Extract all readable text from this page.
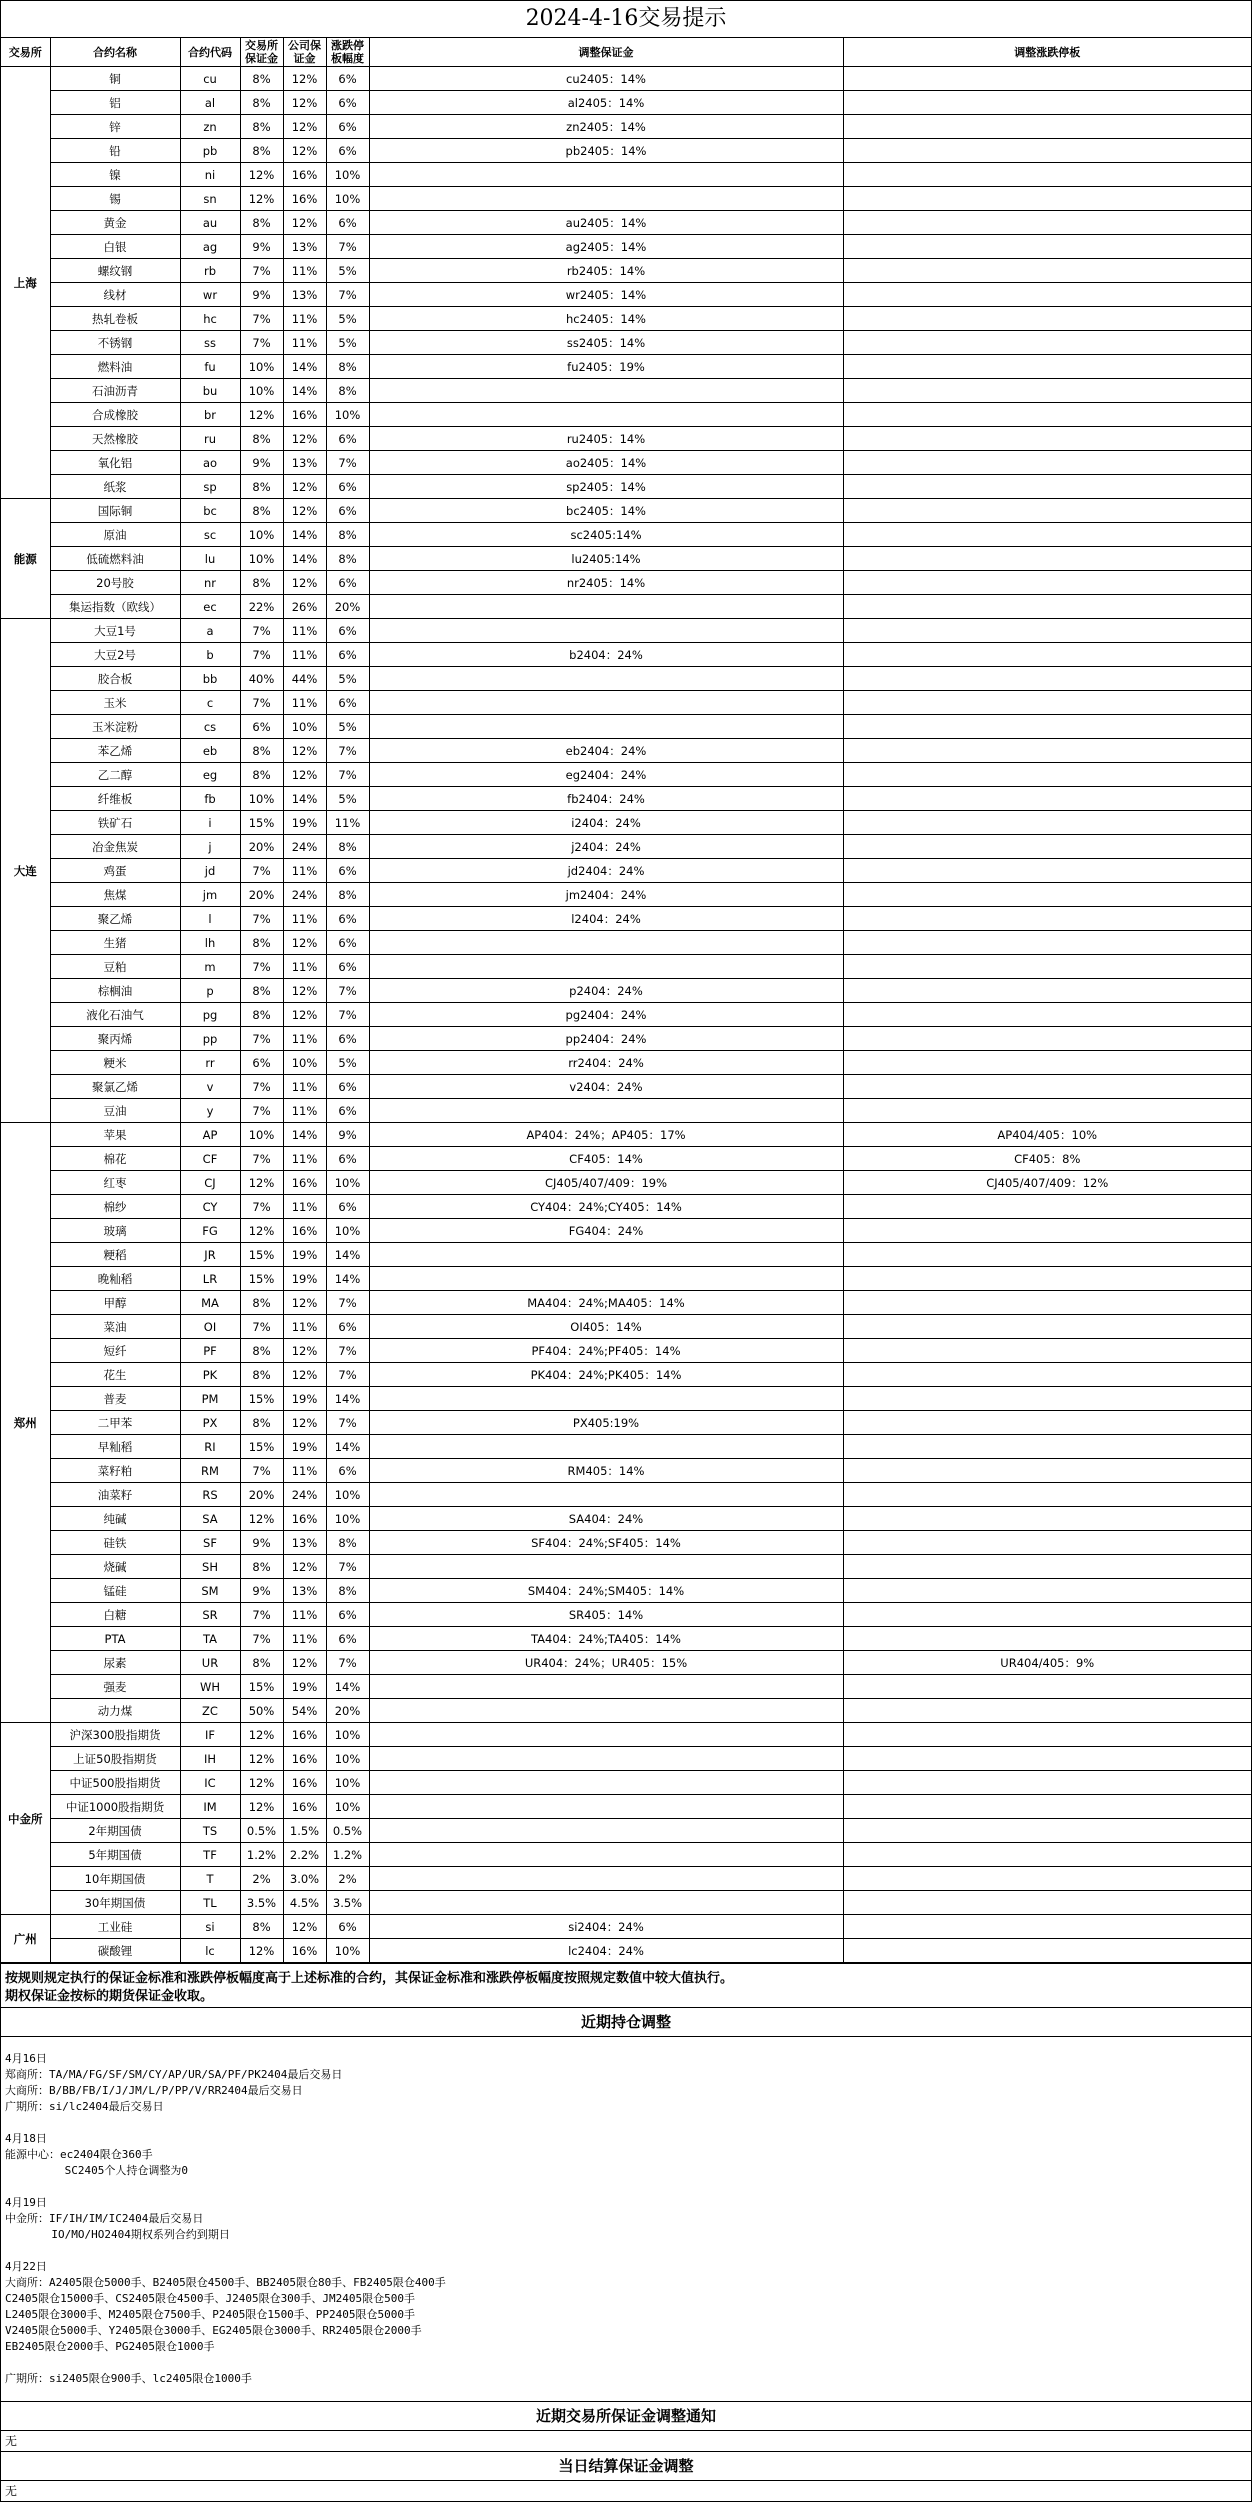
2024-4-16交易提示
交易所	合约名称	合约代码	交易所保证金	公司保证金	涨跌停板幅度	调整保证金	调整涨跌停板
上海	铜	cu	8%	12%	6%	cu2405：14%	
	铝	al	8%	12%	6%	al2405：14%	
	锌	zn	8%	12%	6%	zn2405：14%	
	铅	pb	8%	12%	6%	pb2405：14%	
	镍	ni	12%	16%	10%		
	锡	sn	12%	16%	10%		
	黄金	au	8%	12%	6%	au2405：14%	
	白银	ag	9%	13%	7%	ag2405：14%	
	螺纹钢	rb	7%	11%	5%	rb2405：14%	
	线材	wr	9%	13%	7%	wr2405：14%	
	热轧卷板	hc	7%	11%	5%	hc2405：14%	
	不锈钢	ss	7%	11%	5%	ss2405：14%	
	燃料油	fu	10%	14%	8%	fu2405：19%	
	石油沥青	bu	10%	14%	8%		
	合成橡胶	br	12%	16%	10%		
	天然橡胶	ru	8%	12%	6%	ru2405：14%	
	氧化铝	ao	9%	13%	7%	ao2405：14%	
	纸浆	sp	8%	12%	6%	sp2405：14%	
能源	国际铜	bc	8%	12%	6%	bc2405：14%	
	原油	sc	10%	14%	8%	sc2405:14%	
	低硫燃料油	lu	10%	14%	8%	lu2405:14%	
	20号胶	nr	8%	12%	6%	nr2405：14%	
	集运指数（欧线）	ec	22%	26%	20%		
大连	大豆1号	a	7%	11%	6%		
	大豆2号	b	7%	11%	6%	b2404：24%	
	胶合板	bb	40%	44%	5%		
	玉米	c	7%	11%	6%		
	玉米淀粉	cs	6%	10%	5%		
	苯乙烯	eb	8%	12%	7%	eb2404：24%	
	乙二醇	eg	8%	12%	7%	eg2404：24%	
	纤维板	fb	10%	14%	5%	fb2404：24%	
	铁矿石	i	15%	19%	11%	i2404：24%	
	冶金焦炭	j	20%	24%	8%	j2404：24%	
	鸡蛋	jd	7%	11%	6%	jd2404：24%	
	焦煤	jm	20%	24%	8%	jm2404：24%	
	聚乙烯	l	7%	11%	6%	l2404：24%	
	生猪	lh	8%	12%	6%		
	豆粕	m	7%	11%	6%		
	棕榈油	p	8%	12%	7%	p2404：24%	
	液化石油气	pg	8%	12%	7%	pg2404：24%	
	聚丙烯	pp	7%	11%	6%	pp2404：24%	
	粳米	rr	6%	10%	5%	rr2404：24%	
	聚氯乙烯	v	7%	11%	6%	v2404：24%	
	豆油	y	7%	11%	6%		
郑州	苹果	AP	10%	14%	9%	AP404：24%；AP405：17%	AP404/405：10%
	棉花	CF	7%	11%	6%	CF405：14%	CF405：8%
	红枣	CJ	12%	16%	10%	CJ405/407/409：19%	CJ405/407/409：12%
	棉纱	CY	7%	11%	6%	CY404：24%;CY405：14%	
	玻璃	FG	12%	16%	10%	FG404：24%	
	粳稻	JR	15%	19%	14%		
	晚籼稻	LR	15%	19%	14%		
	甲醇	MA	8%	12%	7%	MA404：24%;MA405：14%	
	菜油	OI	7%	11%	6%	OI405：14%	
	短纤	PF	8%	12%	7%	PF404：24%;PF405：14%	
	花生	PK	8%	12%	7%	PK404：24%;PK405：14%	
	普麦	PM	15%	19%	14%		
	二甲苯	PX	8%	12%	7%	PX405:19%	
	早籼稻	RI	15%	19%	14%		
	菜籽粕	RM	7%	11%	6%	RM405：14%	
	油菜籽	RS	20%	24%	10%		
	纯碱	SA	12%	16%	10%	SA404：24%	
	硅铁	SF	9%	13%	8%	SF404：24%;SF405：14%	
	烧碱	SH	8%	12%	7%		
	锰硅	SM	9%	13%	8%	SM404：24%;SM405：14%	
	白糖	SR	7%	11%	6%	SR405：14%	
	PTA	TA	7%	11%	6%	TA404：24%;TA405：14%	
	尿素	UR	8%	12%	7%	UR404：24%；UR405：15%	UR404/405：9%
	强麦	WH	15%	19%	14%		
	动力煤	ZC	50%	54%	20%		
中金所	沪深300股指期货	IF	12%	16%	10%		
	上证50股指期货	IH	12%	16%	10%		
	中证500股指期货	IC	12%	16%	10%		
	中证1000股指期货	IM	12%	16%	10%		
	2年期国债	TS	0.5%	1.5%	0.5%		
	5年期国债	TF	1.2%	2.2%	1.2%		
	10年期国债	T	2%	3.0%	2%		
	30年期国债	TL	3.5%	4.5%	3.5%		
广州	工业硅	si	8%	12%	6%	si2404：24%	
	碳酸锂	lc	12%	16%	10%	lc2404：24%	
按规则规定执行的保证金标准和涨跌停板幅度高于上述标准的合约，其保证金标准和涨跌停板幅度按照规定数值中较大值执行。
期权保证金按标的期货保证金收取。
近期持仓调整
4月16日
郑商所：TA/MA/FG/SF/SM/CY/AP/UR/SA/PF/PK2404最后交易日
大商所：B/BB/FB/I/J/JM/L/P/PP/V/RR2404最后交易日
广期所：si/lc2404最后交易日

4月18日
能源中心：ec2404限仓360手
SC2405个人持仓调整为0

4月19日
中金所：IF/IH/IM/IC2404最后交易日
IO/MO/HO2404期权系列合约到期日

4月22日
大商所：A2405限仓5000手、B2405限仓4500手、BB2405限仓80手、FB2405限仓400手
C2405限仓15000手、CS2405限仓4500手、J2405限仓300手、JM2405限仓500手
L2405限仓3000手、M2405限仓7500手、P2405限仓1500手、PP2405限仓5000手
V2405限仓5000手、Y2405限仓3000手、EG2405限仓3000手、RR2405限仓2000手
EB2405限仓2000手、PG2405限仓1000手

广期所：si2405限仓900手、lc2405限仓1000手
近期交易所保证金调整通知
无
当日结算保证金调整
无
